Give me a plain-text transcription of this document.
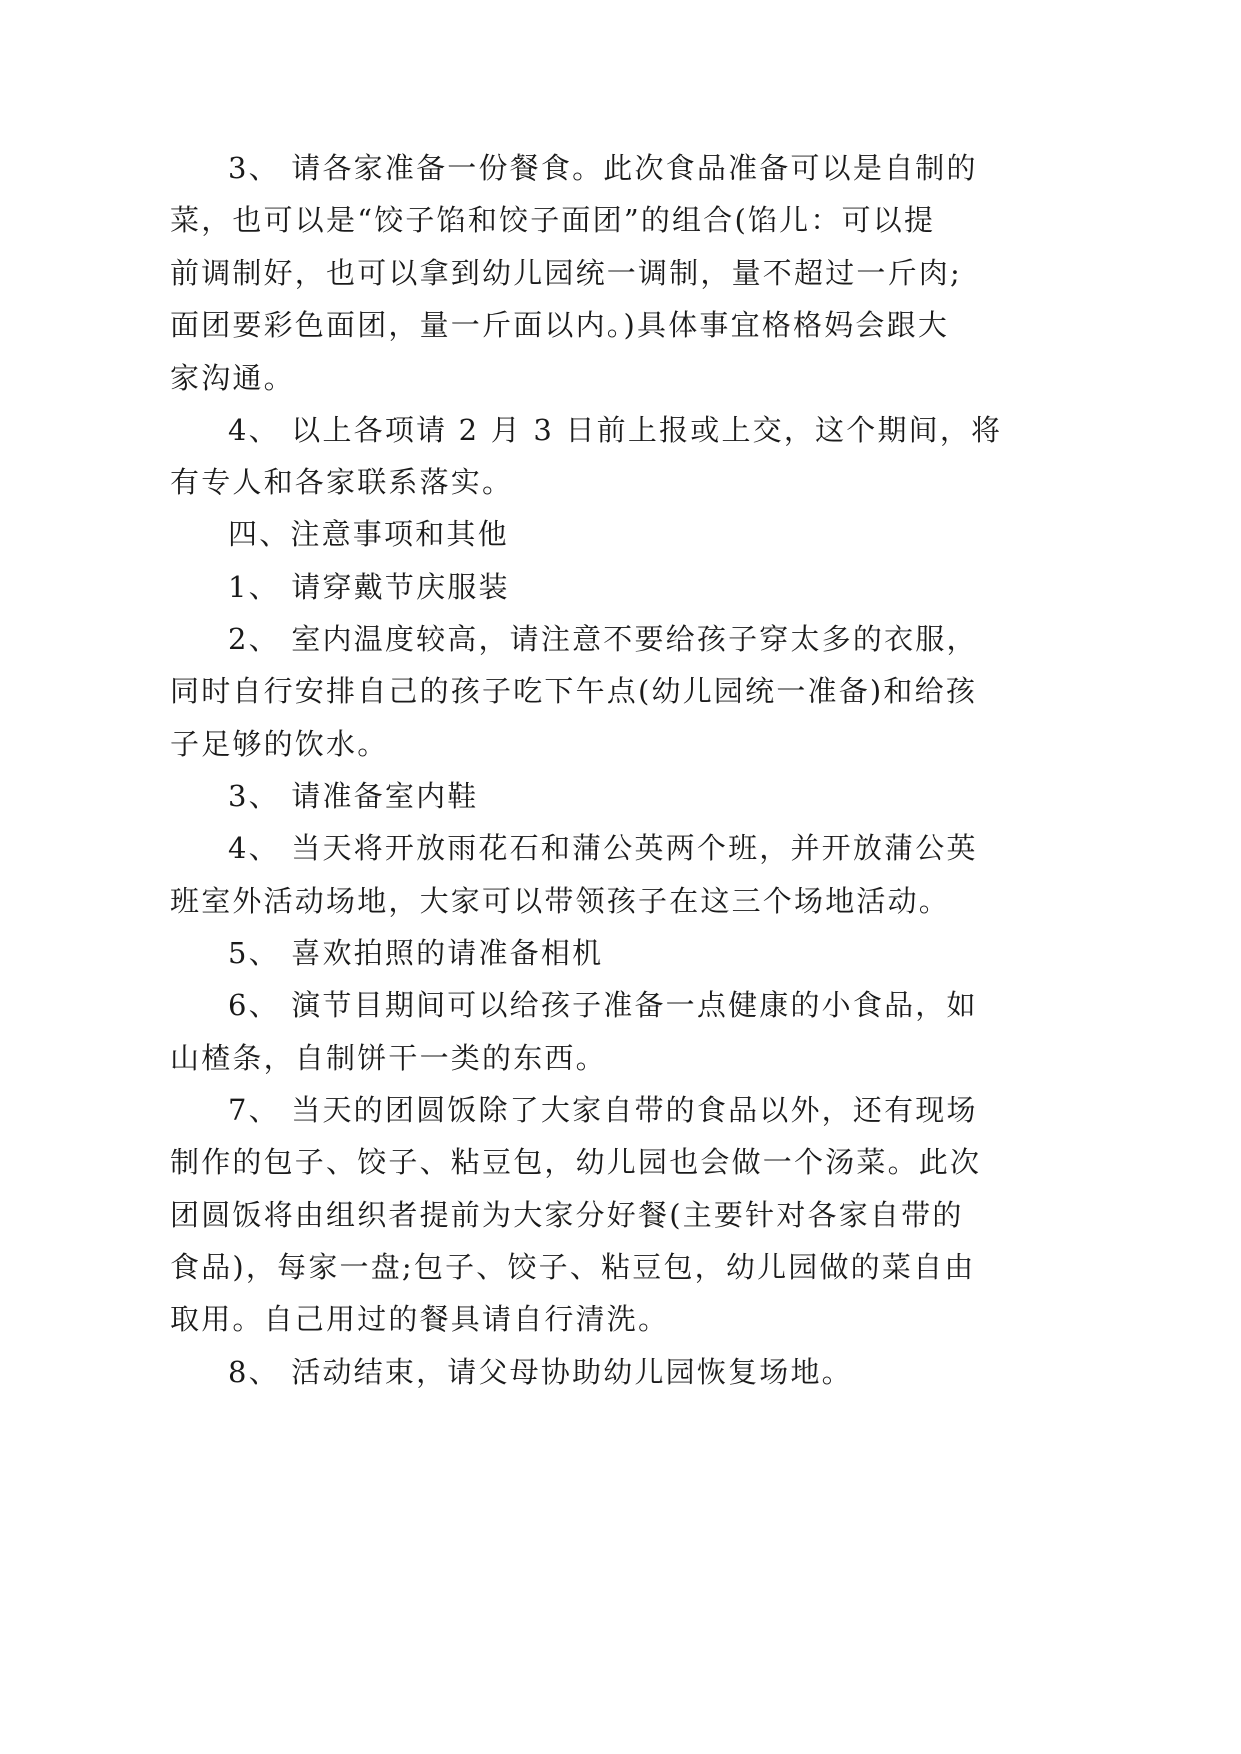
3、 请各家准备一份餐食。此次食品准备可以是自制的
菜，也可以是“饺子馅和饺子面团”的组合(馅儿：可以提
前调制好，也可以拿到幼儿园统一调制，量不超过一斤肉;
面团要彩色面团，量一斤面以内。)具体事宜格格妈会跟大
家沟通。
4、 以上各项请 2 月 3 日前上报或上交，这个期间，将
有专人和各家联系落实。
四、注意事项和其他
1、 请穿戴节庆服装
2、 室内温度较高，请注意不要给孩子穿太多的衣服，
同时自行安排自己的孩子吃下午点(幼儿园统一准备)和给孩
子足够的饮水。
3、 请准备室内鞋
4、 当天将开放雨花石和蒲公英两个班，并开放蒲公英
班室外活动场地，大家可以带领孩子在这三个场地活动。
5、 喜欢拍照的请准备相机
6、 演节目期间可以给孩子准备一点健康的小食品，如
山楂条，自制饼干一类的东西。
7、 当天的团圆饭除了大家自带的食品以外，还有现场
制作的包子、饺子、粘豆包，幼儿园也会做一个汤菜。此次
团圆饭将由组织者提前为大家分好餐(主要针对各家自带的
食品)，每家一盘;包子、饺子、粘豆包，幼儿园做的菜自由
取用。自己用过的餐具请自行清洗。
8、 活动结束，请父母协助幼儿园恢复场地。
